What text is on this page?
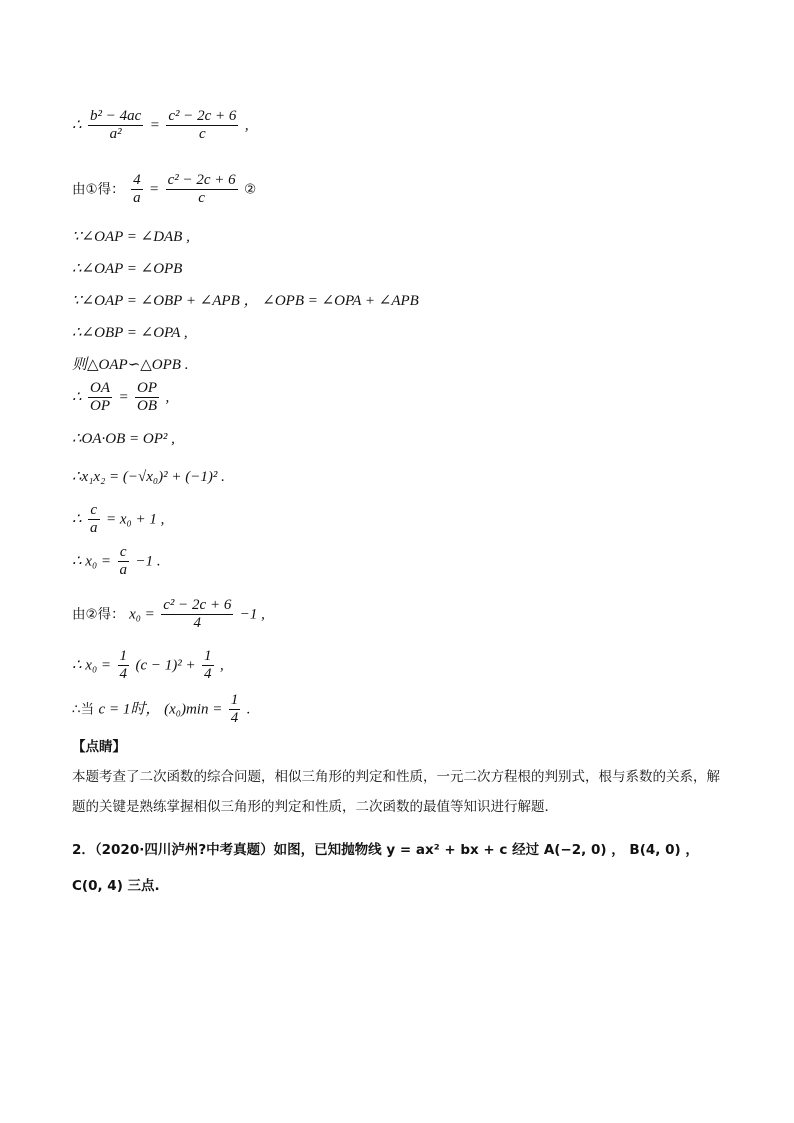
∴ $\frac{\text{b² − 4ac}}{\text{a²}} = \frac{\text{c² − 2c + 6}}{c}$ ,
由①得： $\frac{4}{a} = \frac{\text{c² − 2c + 6}}{c}$ ②
∵∠OAP = ∠DAB ,
∴∠OAP = ∠OPB
∵∠OAP = ∠OBP + ∠APB ， ∠OPB = ∠OPA + ∠APB
∴∠OBP = ∠OPA ,
则△OAP∽△OPB .
∴ $\frac{OA}{OP} = \frac{OP}{OB}$ ,
∴OA·OB = OP² ,
∴x₁x₂ = (−√x₀)² + (−1)² .
∴ $\frac{c}{a} = x_0 + 1$ ,
∴ $x_0 = \frac{c}{a} -1$ .
由②得： $x_0 = \frac{\text{c² − 2c + 6}}{4} -1$ ,
∴ $x_0 = \frac{1}{4} (c - 1)^2 + \frac{1}{4}$ ,
∴当 c = 1时， $(x_0)\min = \frac{1}{4}$ .
【点睛】
本题考查了二次函数的综合问题，相似三角形的判定和性质，一元二次方程根的判别式，根与系数的关系，解题的关键是熟练掌握相似三角形的判定和性质，二次函数的最值等知识进行解题．
2．（2020·四川泸州?中考真题）如图，已知抛物线 y = ax² + bx + c 经过 A(−2, 0) ， B(4, 0) ， C(0, 4) 三点.
